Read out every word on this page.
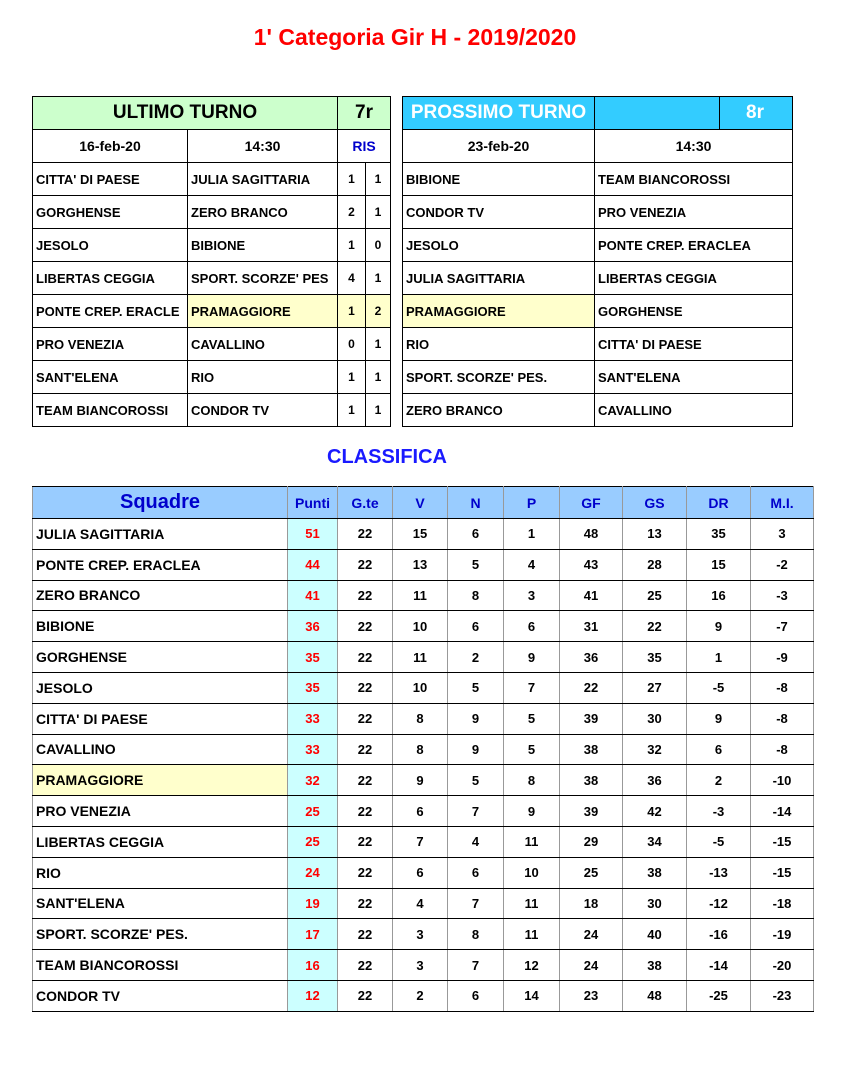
1' Categoria Gir H - 2019/2020
ULTIMO TURNO		7r	
16-feb-20	14:30	RIS	
CITTA' DI PAESE	JULIA SAGITTARIA	1	1
GORGHENSE	ZERO BRANCO	2	1
JESOLO	BIBIONE	1	0
LIBERTAS CEGGIA	SPORT. SCORZE' PES	4	1
PONTE CREP. ERACLE	PRAMAGGIORE	1	2
PRO VENEZIA	CAVALLINO	0	1
SANT'ELENA	RIO	1	1
TEAM BIANCOROSSI	CONDOR TV	1	1
PROSSIMO TURNO	8r
23-feb-20	14:30
BIBIONE	TEAM BIANCOROSSI
CONDOR TV	PRO VENEZIA
JESOLO	PONTE CREP. ERACLEA
JULIA SAGITTARIA	LIBERTAS CEGGIA
PRAMAGGIORE	GORGHENSE
RIO	CITTA' DI PAESE
SPORT. SCORZE' PES.	SANT'ELENA
ZERO BRANCO	CAVALLINO
CLASSIFICA
Squadre	Punti	G.te	V	N	P	GF	GS	DR	M.I.
JULIA SAGITTARIA	51	22	15	6	1	48	13	35	3
PONTE CREP. ERACLEA	44	22	13	5	4	43	28	15	-2
ZERO BRANCO	41	22	11	8	3	41	25	16	-3
BIBIONE	36	22	10	6	6	31	22	9	-7
GORGHENSE	35	22	11	2	9	36	35	1	-9
JESOLO	35	22	10	5	7	22	27	-5	-8
CITTA' DI PAESE	33	22	8	9	5	39	30	9	-8
CAVALLINO	33	22	8	9	5	38	32	6	-8
PRAMAGGIORE	32	22	9	5	8	38	36	2	-10
PRO VENEZIA	25	22	6	7	9	39	42	-3	-14
LIBERTAS CEGGIA	25	22	7	4	11	29	34	-5	-15
RIO	24	22	6	6	10	25	38	-13	-15
SANT'ELENA	19	22	4	7	11	18	30	-12	-18
SPORT. SCORZE' PES.	17	22	3	8	11	24	40	-16	-19
TEAM BIANCOROSSI	16	22	3	7	12	24	38	-14	-20
CONDOR TV	12	22	2	6	14	23	48	-25	-23
